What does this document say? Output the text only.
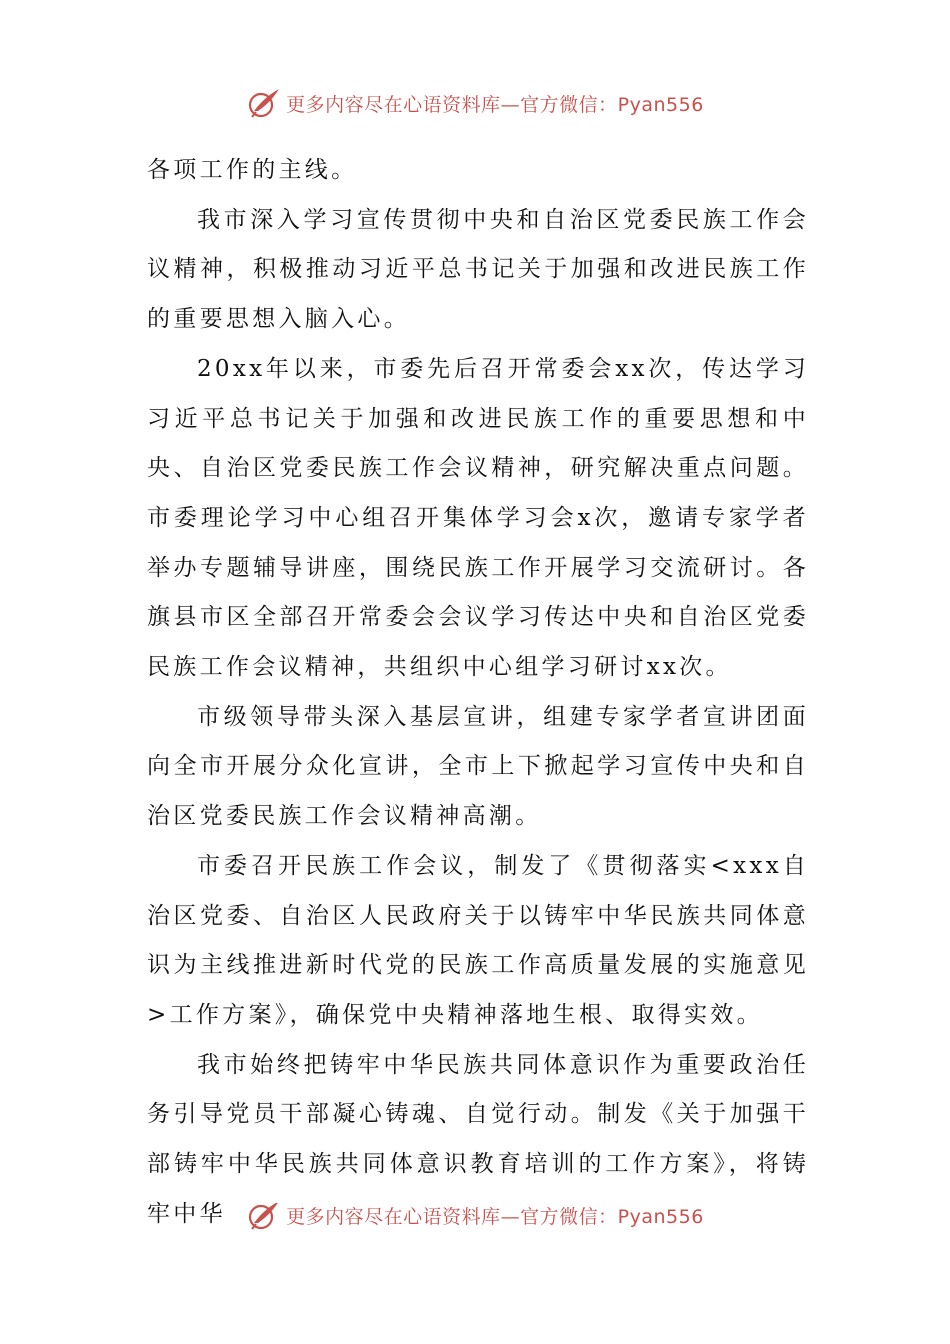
更多内容尽在心语资料库—官方微信：Pyan556

各项工作的主线。

我市深入学习宣传贯彻中央和自治区党委民族工作会议精神，积极推动习近平总书记关于加强和改进民族工作的重要思想入脑入心。

20xx年以来，市委先后召开常委会xx次，传达学习习近平总书记关于加强和改进民族工作的重要思想和中央、自治区党委民族工作会议精神，研究解决重点问题。市委理论学习中心组召开集体学习会x次，邀请专家学者举办专题辅导讲座，围绕民族工作开展学习交流研讨。各旗县市区全部召开常委会会议学习传达中央和自治区党委民族工作会议精神，共组织中心组学习研讨xx次。

市级领导带头深入基层宣讲，组建专家学者宣讲团面向全市开展分众化宣讲，全市上下掀起学习宣传中央和自治区党委民族工作会议精神高潮。

市委召开民族工作会议，制发了《贯彻落实<xxx自治区党委、自治区人民政府关于以铸牢中华民族共同体意识为主线推进新时代党的民族工作高质量发展的实施意见>工作方案》，确保党中央精神落地生根、取得实效。

我市始终把铸牢中华民族共同体意识作为重要政治任务引导党员干部凝心铸魂、自觉行动。制发《关于加强干部铸牢中华民族共同体意识教育培训的工作方案》，将铸牢中华	更多内容尽在心语资料库—官方微信：Pyan556
